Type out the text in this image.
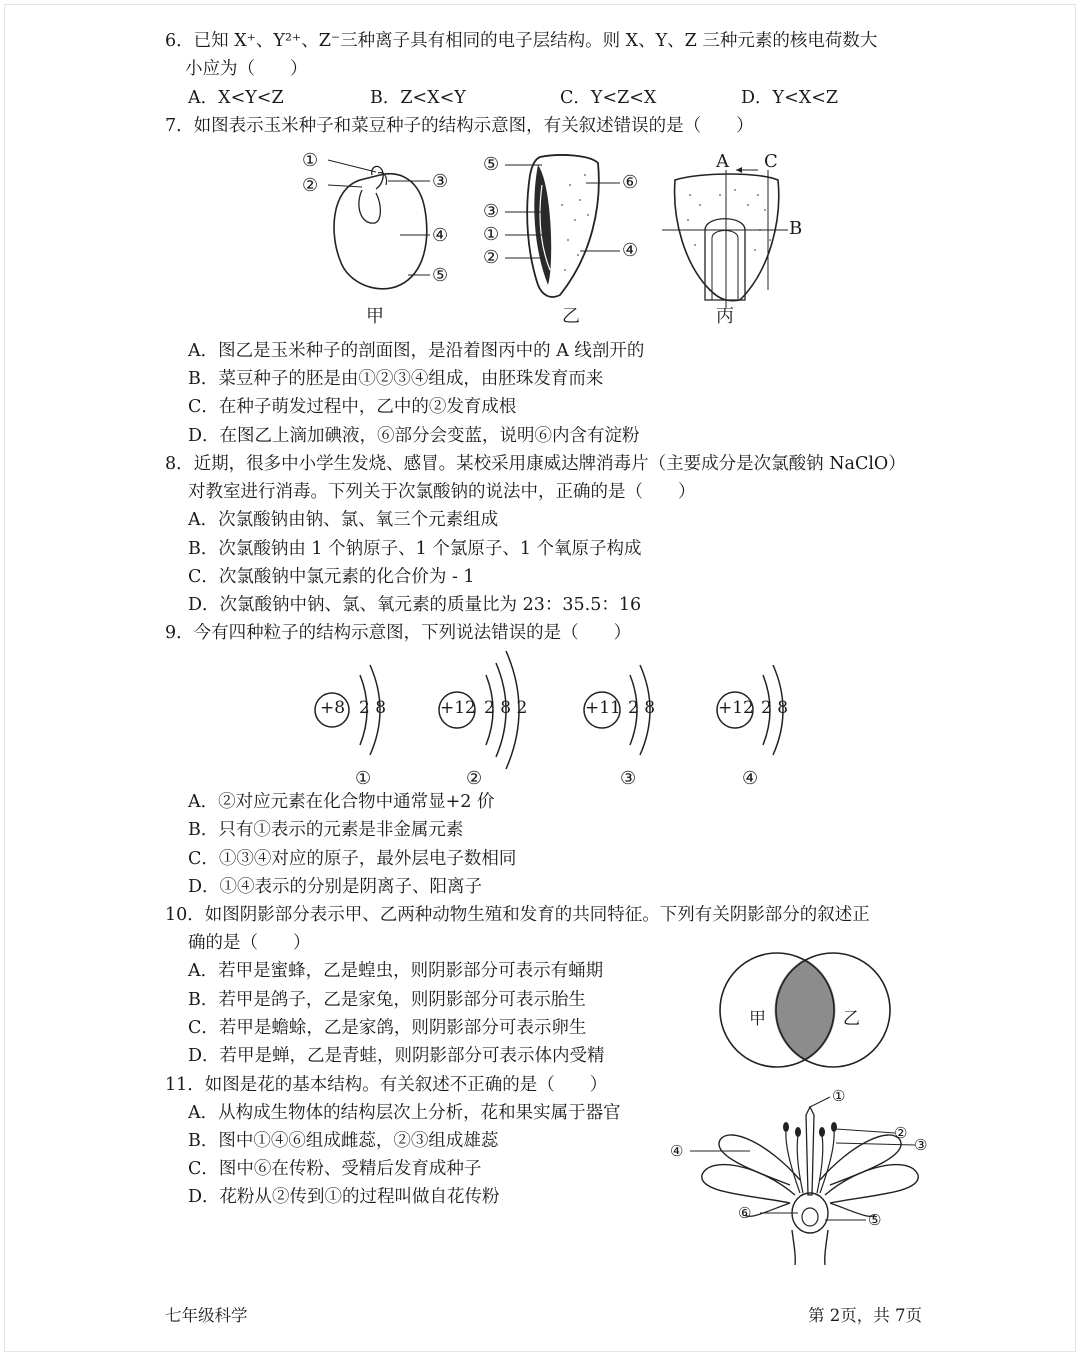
6．已知 X⁺、Y²⁺、Z⁻三种离子具有相同的电子层结构。则 X、Y、Z 三种元素的核电荷数大
小应为（　　）
A．X<Y<Z	B．Z<X<Y	C．Y<Z<X	D．Y<X<Z
7．如图表示玉米种子和菜豆种子的结构示意图，有关叙述错误的是（　　）
①
②	③
④
⑤
甲
⑤
⑥
③
①
②	④
乙
A C
B
丙
A．图乙是玉米种子的剖面图，是沿着图丙中的 A 线剖开的
B．菜豆种子的胚是由①②③④组成，由胚珠发育而来
C．在种子萌发过程中，乙中的②发育成根
D．在图乙上滴加碘液，⑥部分会变蓝，说明⑥内含有淀粉
8．近期，很多中小学生发烧、感冒。某校采用康威达牌消毒片（主要成分是次氯酸钠 NaClO）
对教室进行消毒。下列关于次氯酸钠的说法中，正确的是（　　）
A．次氯酸钠由钠、氯、氧三个元素组成
B．次氯酸钠由 1 个钠原子、1 个氯原子、1 个氧原子构成
C．次氯酸钠中氯元素的化合价为 - 1
D．次氯酸钠中钠、氯、氧元素的质量比为 23：35.5：16
9．今有四种粒子的结构示意图，下列说法错误的是（　　）
+8 2 8
①
+12 2 8 2
②
+11 2 8
③
+12 2 8
④
A．②对应元素在化合物中通常显+2 价
B．只有①表示的元素是非金属元素
C．①③④对应的原子，最外层电子数相同
D．①④表示的分别是阴离子、阳离子
10．如图阴影部分表示甲、乙两种动物生殖和发育的共同特征。下列有关阴影部分的叙述正
确的是（　　）
A．若甲是蜜蜂，乙是蝗虫，则阴影部分可表示有蛹期
B．若甲是鸽子，乙是家兔，则阴影部分可表示胎生
C．若甲是蟾蜍，乙是家鸽，则阴影部分可表示卵生
D．若甲是蝉，乙是青蛙，则阴影部分可表示体内受精
甲	乙
11．如图是花的基本结构。有关叙述不正确的是（　　）
A．从构成生物体的结构层次上分析，花和果实属于器官
B．图中①④⑥组成雌蕊，②③组成雄蕊
C．图中⑥在传粉、受精后发育成种子
D．花粉从②传到①的过程叫做自花传粉
①
②
③
④
⑤
⑥
七年级科学	第 2页，共 7页
